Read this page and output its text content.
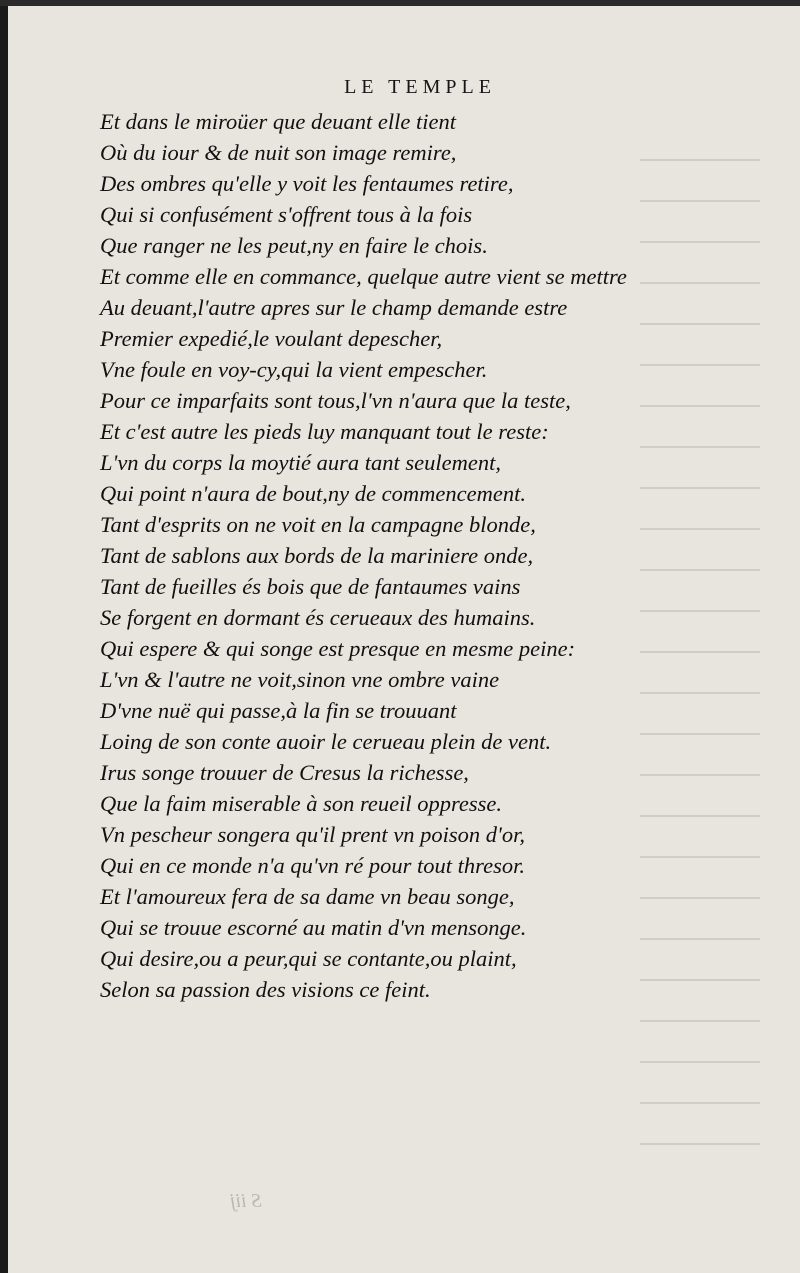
LE TEMPLE
Et dans le miroüer que deuant elle tient
Où du iour & de nuit son image remire,
Des ombres qu'elle y voit les fentaumes retire,
Qui si confusément s'offrent tous à la fois
Que ranger ne les peut,ny en faire le chois.
Et comme elle en commance, quelque autre vient se mettre
Au deuant,l'autre apres sur le champ demande estre
Premier expedié,le voulant depescher,
Vne foule en voy-cy,qui la vient empescher.
Pour ce imparfaits sont tous,l'vn n'aura que la teste,
Et c'est autre les pieds luy manquant tout le reste:
L'vn du corps la moytié aura tant seulement,
Qui point n'aura de bout,ny de commencement.
Tant d'esprits on ne voit en la campagne blonde,
Tant de sablons aux bords de la mariniere onde,
Tant de fueilles és bois que de fantaumes vains
Se forgent en dormant és cerueaux des humains.
Qui espere & qui songe est presque en mesme peine:
L'vn & l'autre ne voit,sinon vne ombre vaine
D'vne nuë qui passe,à la fin se trouuant
Loing de son conte auoir le cerueau plein de vent.
Irus songe trouuer de Cresus la richesse,
Que la faim miserable à son reueil oppresse.
Vn pescheur songera qu'il prent vn poison d'or,
Qui en ce monde n'a qu'vn ré pour tout thresor.
Et l'amoureux fera de sa dame vn beau songe,
Qui se trouue escorné au matin d'vn mensonge.
Qui desire,ou a peur,qui se contante,ou plaint,
Selon sa passion des visions ce feint.
S iij
